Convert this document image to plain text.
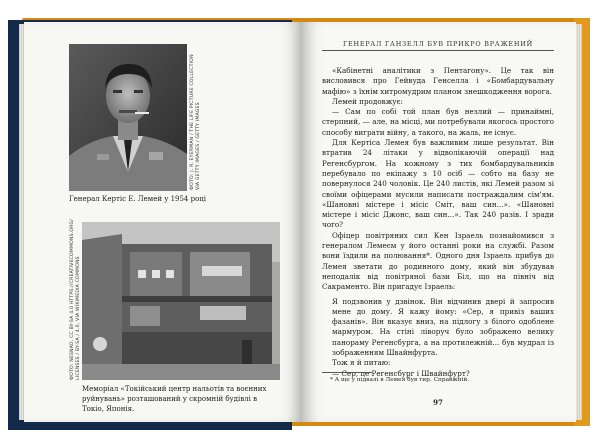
ФОТО: J. R. EYERMAN / THE LIFE PICTURE COLLECTION VIA GETTY IMAGES / GETTY IMAGES
Генерал Кертіс Е. Лемей у 1954 році
ФОТО: NESNAD, CC BY-SA 4.0 HTTPS://CREATIVECOMMONS.ORG/ LICENSES / BY-SA / 4.0, VIA WIKIMEDIA COMMONS
Меморіал «Токійський центр нальотів та воєнних руйнувань» розташований у скромній будівлі в Токіо, Японія.
ГЕНЕРАЛ ГАНЗЕЛЛ БУВ ПРИКРО ВРАЖЕНИЙ

«Кабінетні аналітики з Пентагону». Це так він висловився про Гейвуда Генселла і «Бомбардувальну мафію» з їхнім хитромудрим планом знешкодження ворога.

Лемей продовжує:

— Сам по собі той план був незлий — принаймні, стерпний, — але, на місці, ми потребували якогось простого способу виграти війну, а такого, на жаль, не існує.

Для Кертіса Лемея був важливим лише результат. Він втратив 24 літаки у відволікаючій операції над Регенсбургом. На кожному з тих бомбардувальників перебувало по екіпажу з 10 осіб — собто на базу не повернулося 240 чоловік. Це 240 листів, які Лемей разом зі своїми офіцерами мусили написати постраждалим сім'ям. «Шановні містере і місіс Сміт, ваш син...». «Шановні містере і місіс Джонс, ваш син...». Так 240 разів. І зради чого?

Офіцер повітряних сил Кен Ізраель познайомився з генералом Лемеєм у його останні роки на службі. Разом вони їздили на полювання*. Одного дня Ізраель прибув до Лемея зветати до родинного дому, який він збудував неподалік від повітряної бази Біл, що на північ від Сакраменто. Він пригадує Ізраель:

Я подзвонив у дзвінок. Він відчинив двері й запросив мене до дому. Я кажу йому: «Сер, я привіз ваших фазанів». Він вказує вниз, на підлогу з білого одоблене мармуром. На стіні ліворуч було зображено велику панораму Регенсбурга, а на протилежній... був мудрал із зображенням Швайнфурта.

Тож я й питаю:

— Сер, це Регенсбург і Швайнфурт?

* А ще у підвалі в Лемея був тир. Справжній.
97
